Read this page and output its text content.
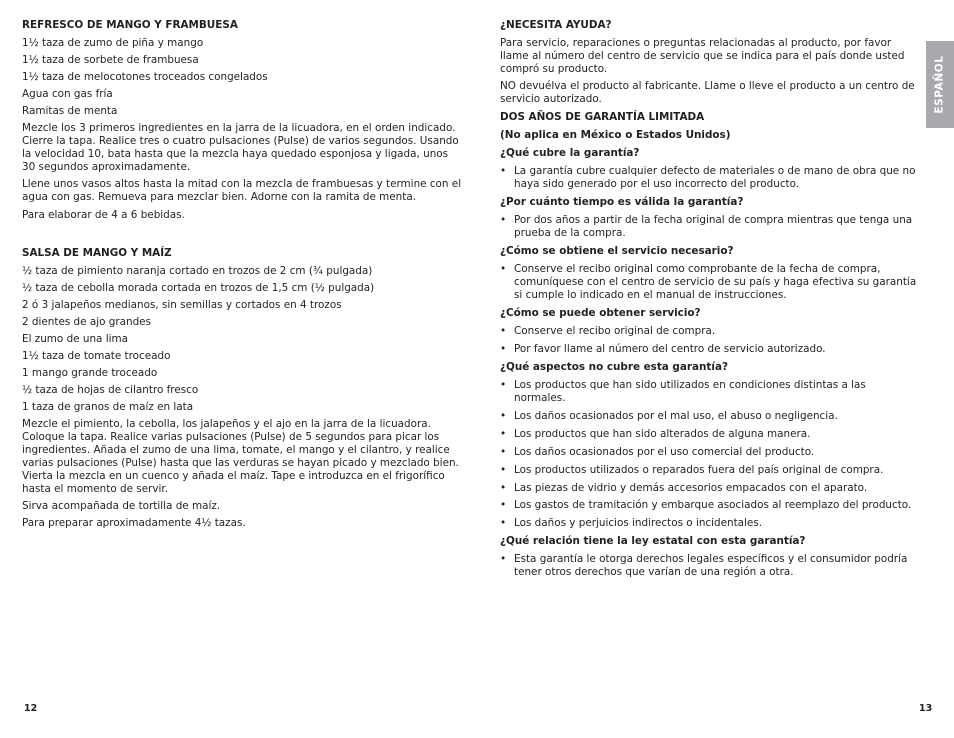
REFRESCO DE MANGO Y FRAMBUESA

1½ taza de zumo de piña y mango

1½ taza de sorbete de frambuesa

1½ taza de melocotones troceados congelados

Agua con gas fría

Ramitas de menta

Mezcle los 3 primeros ingredientes en la jarra de la licuadora, en el orden indicado. Cierre la tapa. Realice tres o cuatro pulsaciones (Pulse) de varios segundos. Usando la velocidad 10, bata hasta que la mezcla haya quedado esponjosa y ligada, unos 30 segundos aproximadamente.

Llene unos vasos altos hasta la mitad con la mezcla de frambuesas y termine con el agua con gas. Remueva para mezclar bien. Adorne con la ramita de menta.

Para elaborar de 4 a 6 bebidas.

SALSA DE MANGO Y MAÍZ

½ taza de pimiento naranja cortado en trozos de 2 cm (¾ pulgada)

½ taza de cebolla morada cortada en trozos de 1,5 cm (½ pulgada)

2 ó 3 jalapeños medianos, sin semillas y cortados en 4 trozos

2 dientes de ajo grandes

El zumo de una lima

1½ taza de tomate troceado

1 mango grande troceado

½ taza de hojas de cilantro fresco

1 taza de granos de maíz en lata

Mezcle el pimiento, la cebolla, los jalapeños y el ajo en la jarra de la licuadora. Coloque la tapa. Realice varias pulsaciones (Pulse) de 5 segundos para picar los ingredientes. Añada el zumo de una lima, tomate, el mango y el cilantro, y realice varias pulsaciones (Pulse) hasta que las verduras se hayan picado y mezclado bien. Vierta la mezcla en un cuenco y añada el maíz. Tape e introduzca en el frigorífico hasta el momento de servir.

Sirva acompañada de tortilla de maíz.

Para preparar aproximadamente 4½ tazas.

¿NECESITA AYUDA?

Para servicio, reparaciones o preguntas relacionadas al producto, por favor llame al número del centro de servicio que se indica para el país donde usted compró su producto.

NO devuélva el producto al fabricante. Llame o lleve el producto a un centro de servicio autorizado.

DOS AÑOS DE GARANTÍA LIMITADA
(No aplica en México o Estados Unidos)
¿Qué cubre la garantía?
• La garantía cubre cualquier defecto de materiales o de mano de obra que no haya sido generado por el uso incorrecto del producto.
¿Por cuánto tiempo es válida la garantía?
• Por dos años a partir de la fecha original de compra mientras que tenga una prueba de la compra.
¿Cómo se obtiene el servicio necesario?
• Conserve el recibo original como comprobante de la fecha de compra, comuníquese con el centro de servicio de su país y haga efectiva su garantía si cumple lo indicado en el manual de instrucciones.
¿Cómo se puede obtener servicio?
• Conserve el recibo original de compra.
• Por favor llame al número del centro de servicio autorizado.
¿Qué aspectos no cubre esta garantía?
• Los productos que han sido utilizados en condiciones distintas a las normales.
• Los daños ocasionados por el mal uso, el abuso o negligencia.
• Los productos que han sido alterados de alguna manera.
• Los daños ocasionados por el uso comercial del producto.
• Los productos utilizados o reparados fuera del país original de compra.
• Las piezas de vidrio y demás accesorios empacados con el aparato.
• Los gastos de tramitación y embarque asociados al reemplazo del producto.
• Los daños y perjuicios indirectos o incidentales.
¿Qué relación tiene la ley estatal con esta garantía?
• Esta garantía le otorga derechos legales específicos y el consumidor podría tener otros derechos que varían de una región a otra.
ESPAÑOL
12	13
